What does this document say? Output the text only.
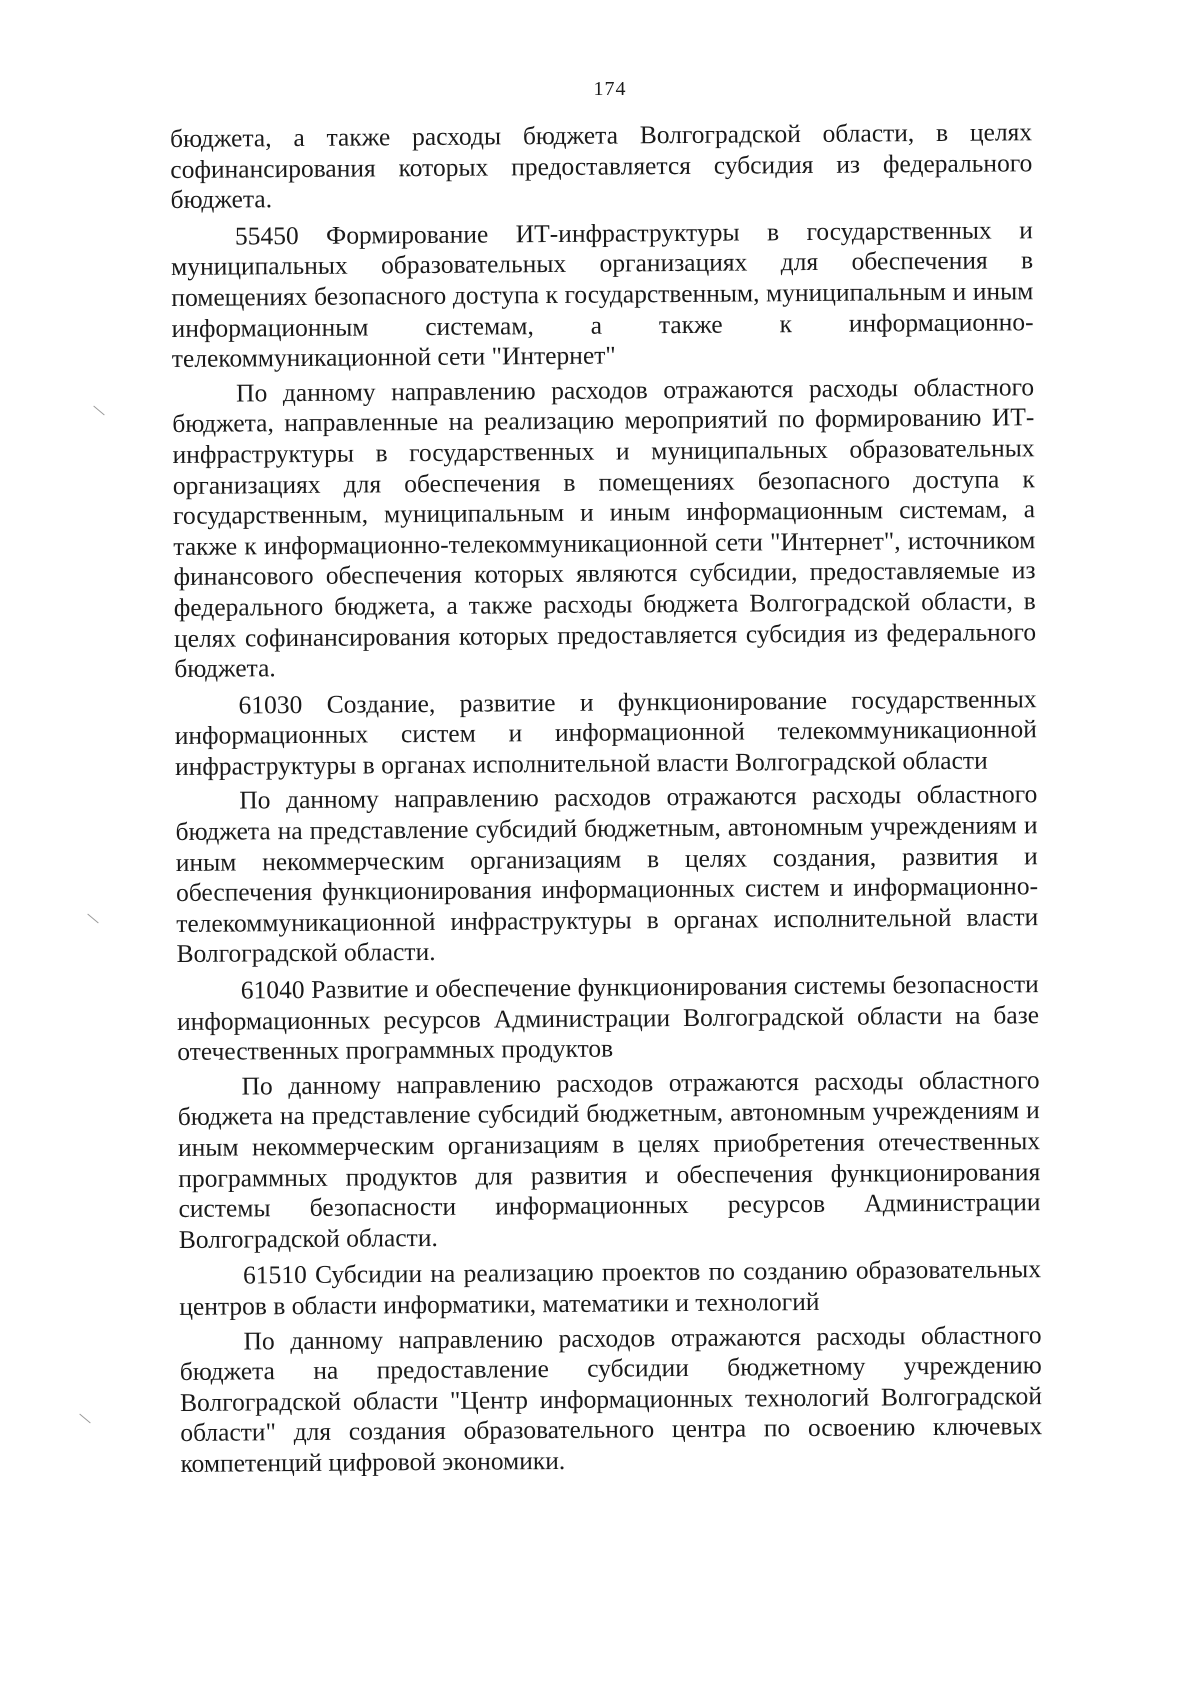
174

бюджета, а также расходы бюджета Волгоградской области, в целях софинансирования которых предоставляется субсидия из федерального бюджета.

55450 Формирование ИТ-инфраструктуры в государственных и муниципальных образовательных организациях для обеспечения в помещениях безопасного доступа к государственным, муниципальным и иным информационным системам, а также к информационно-телекоммуникационной сети "Интернет"

По данному направлению расходов отражаются расходы областного бюджета, направленные на реализацию мероприятий по формированию ИТ-инфраструктуры в государственных и муниципальных образовательных организациях для обеспечения в помещениях безопасного доступа к государственным, муниципальным и иным информационным системам, а также к информационно-телекоммуникационной сети "Интернет", источником финансового обеспечения которых являются субсидии, предоставляемые из федерального бюджета, а также расходы бюджета Волгоградской области, в целях софинансирования которых предоставляется субсидия из федерального бюджета.

61030 Создание, развитие и функционирование государственных информационных систем и информационной телекоммуникационной инфраструктуры в органах исполнительной власти Волгоградской области

По данному направлению расходов отражаются расходы областного бюджета на представление субсидий бюджетным, автономным учреждениям и иным некоммерческим организациям в целях создания, развития и обеспечения функционирования информационных систем и информационно-телекоммуникационной инфраструктуры в органах исполнительной власти Волгоградской области.

61040 Развитие и обеспечение функционирования системы безопасности информационных ресурсов Администрации Волгоградской области на базе отечественных программных продуктов

По данному направлению расходов отражаются расходы областного бюджета на представление субсидий бюджетным, автономным учреждениям и иным некоммерческим организациям в целях приобретения отечественных программных продуктов для развития и обеспечения функционирования системы безопасности информационных ресурсов Администрации Волгоградской области.

61510 Субсидии на реализацию проектов по созданию образовательных центров в области информатики, математики и технологий

По данному направлению расходов отражаются расходы областного бюджета на предоставление субсидии бюджетному учреждению Волгоградской области "Центр информационных технологий Волгоградской области" для создания образовательного центра по освоению ключевых компетенций цифровой экономики.
